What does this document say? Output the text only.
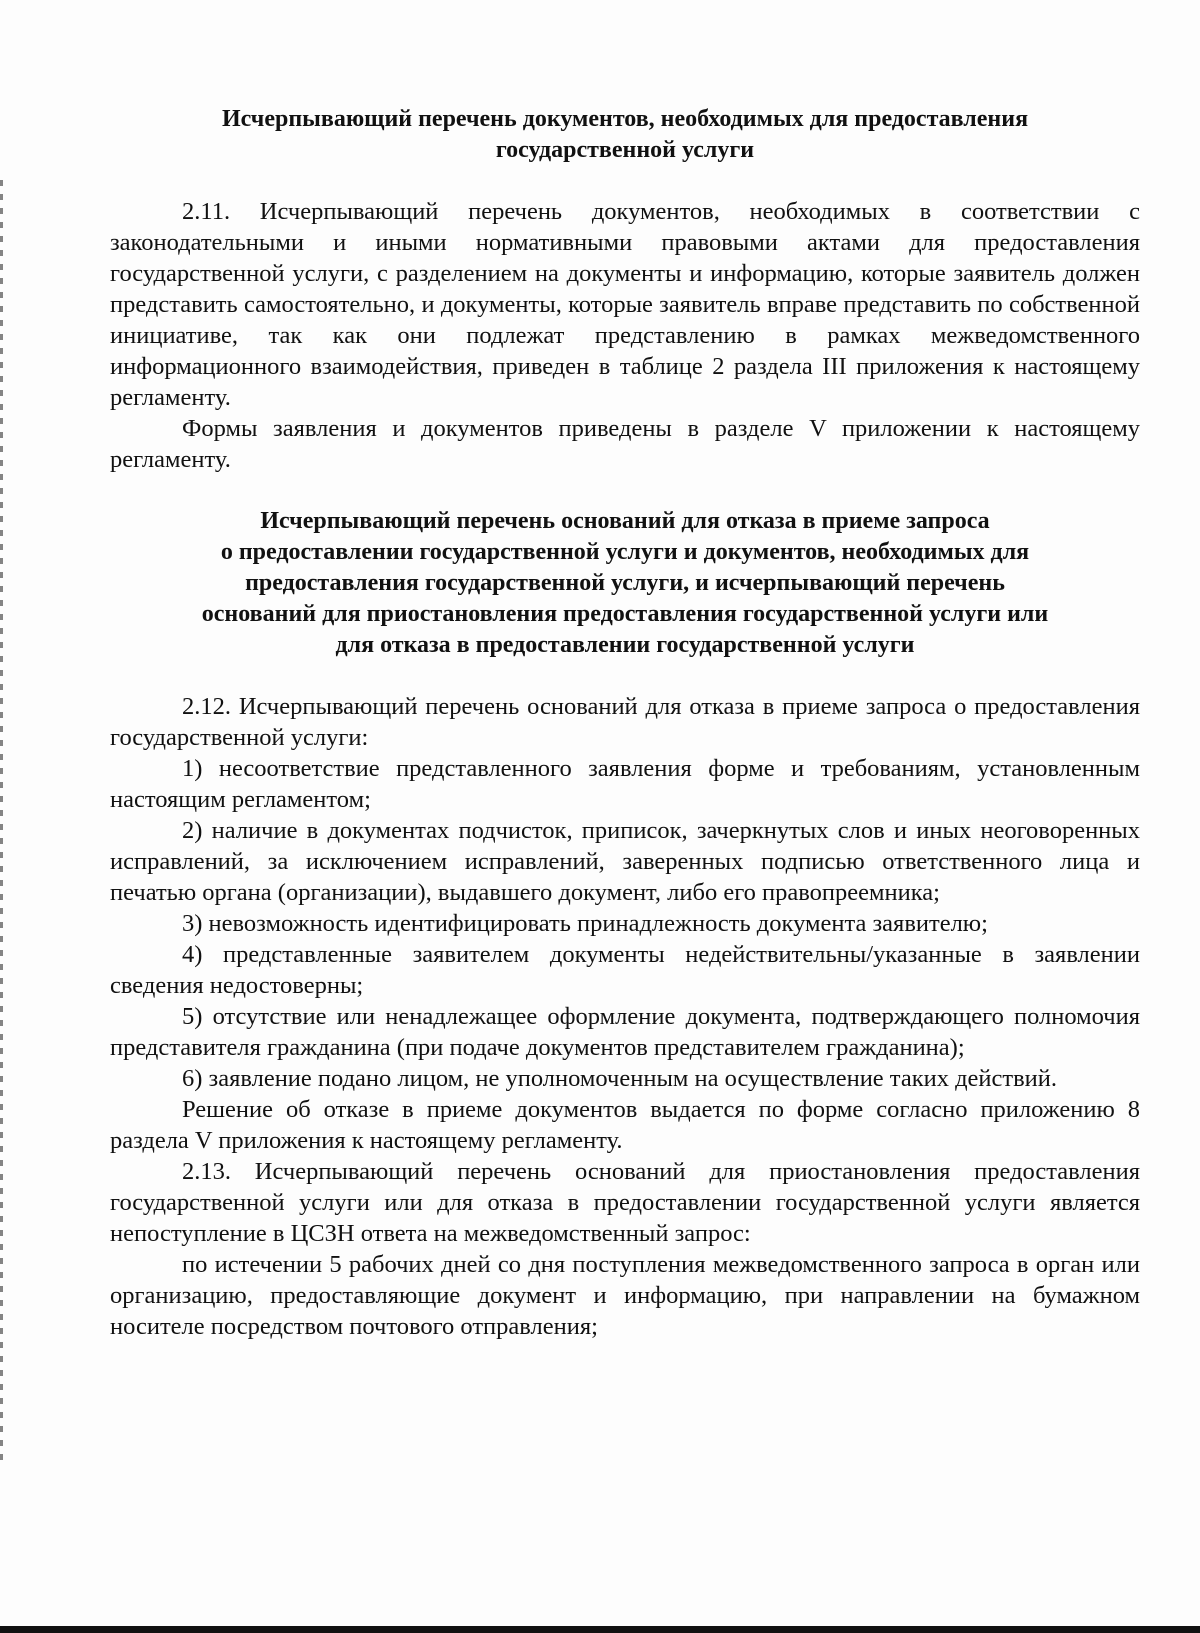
Исчерпывающий перечень документов, необходимых для предоставления
государственной услуги

2.11. Исчерпывающий перечень документов, необходимых в соответствии с законодательными и иными нормативными правовыми актами для предоставления государственной услуги, с разделением на документы и информацию, которые заявитель должен представить самостоятельно, и документы, которые заявитель вправе представить по собственной инициативе, так как они подлежат представлению в рамках межведомственного информационного взаимодействия, приведен в таблице 2 раздела III приложения к настоящему регламенту.

Формы заявления и документов приведены в разделе V приложении к настоящему регламенту.

Исчерпывающий перечень оснований для отказа в приеме запроса
о предоставлении государственной услуги и документов, необходимых для
предоставления государственной услуги, и исчерпывающий перечень
оснований для приостановления предоставления государственной услуги или
для отказа в предоставлении государственной услуги

2.12. Исчерпывающий перечень оснований для отказа в приеме запроса о предоставления государственной услуги:

1) несоответствие представленного заявления форме и требованиям, установленным настоящим регламентом;

2) наличие в документах подчисток, приписок, зачеркнутых слов и иных неоговоренных исправлений, за исключением исправлений, заверенных подписью ответственного лица и печатью органа (организации), выдавшего документ, либо его правопреемника;

3) невозможность идентифицировать принадлежность документа заявителю;

4) представленные заявителем документы недействительны/указанные в заявлении сведения недостоверны;

5) отсутствие или ненадлежащее оформление документа, подтверждающего полномочия представителя гражданина (при подаче документов представителем гражданина);

6) заявление подано лицом, не уполномоченным на осуществление таких действий.

Решение об отказе в приеме документов выдается по форме согласно приложению 8 раздела V приложения к настоящему регламенту.

2.13. Исчерпывающий перечень оснований для приостановления предоставления государственной услуги или для отказа в предоставлении государственной услуги является непоступление в ЦСЗН ответа на межведомственный запрос:

по истечении 5 рабочих дней со дня поступления межведомственного запроса в орган или организацию, предоставляющие документ и информацию, при направлении на бумажном носителе посредством почтового отправления;
